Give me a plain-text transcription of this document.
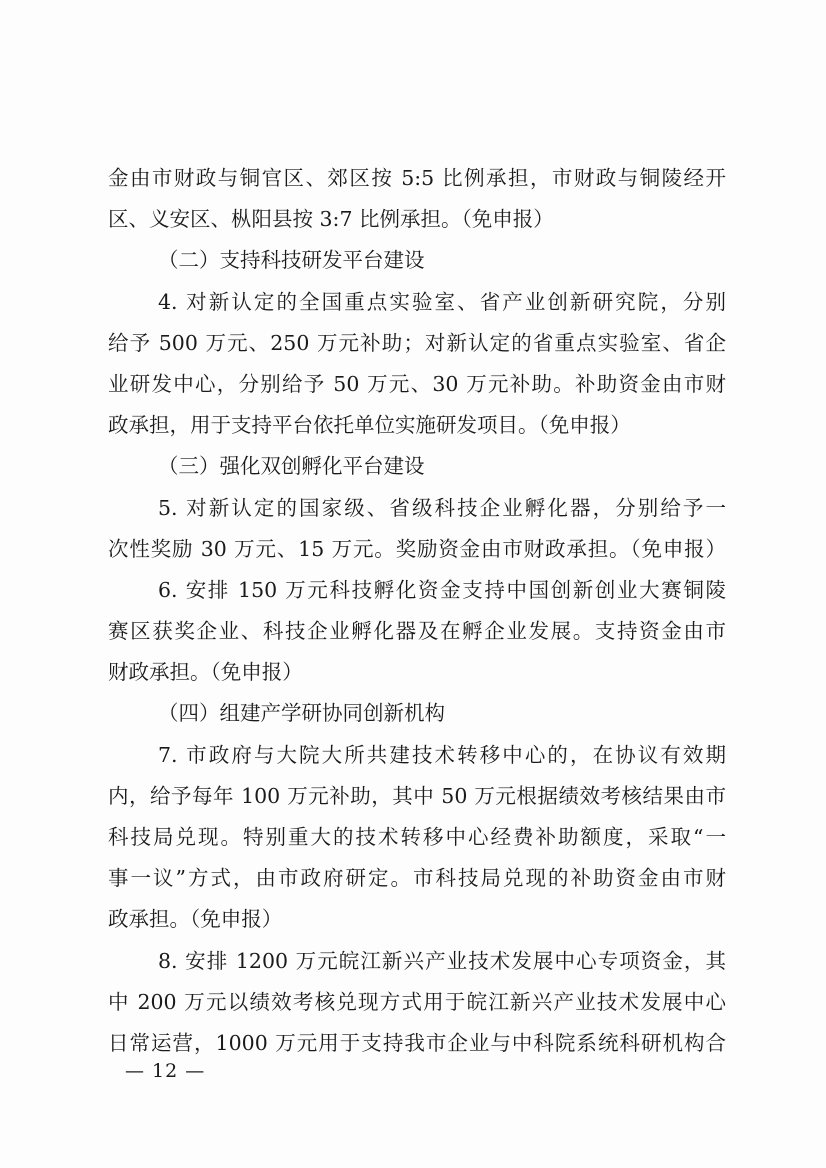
金由市财政与铜官区、郊区按 5:5 比例承担，市财政与铜陵经开
区、义安区、枞阳县按 3:7 比例承担。（免申报）
（二）支持科技研发平台建设
4. 对新认定的全国重点实验室、省产业创新研究院，分别
给予 500 万元、250 万元补助；对新认定的省重点实验室、省企
业研发中心，分别给予 50 万元、30 万元补助。补助资金由市财
政承担，用于支持平台依托单位实施研发项目。（免申报）
（三）强化双创孵化平台建设
5. 对新认定的国家级、省级科技企业孵化器，分别给予一
次性奖励 30 万元、15 万元。奖励资金由市财政承担。（免申报）
6. 安排 150 万元科技孵化资金支持中国创新创业大赛铜陵
赛区获奖企业、科技企业孵化器及在孵企业发展。支持资金由市
财政承担。（免申报）
（四）组建产学研协同创新机构
7. 市政府与大院大所共建技术转移中心的，在协议有效期
内，给予每年 100 万元补助，其中 50 万元根据绩效考核结果由市
科技局兑现。特别重大的技术转移中心经费补助额度，采取“一
事一议”方式，由市政府研定。市科技局兑现的补助资金由市财
政承担。（免申报）
8. 安排 1200 万元皖江新兴产业技术发展中心专项资金，其
中 200 万元以绩效考核兑现方式用于皖江新兴产业技术发展中心
日常运营，1000 万元用于支持我市企业与中科院系统科研机构合
— 12 —
